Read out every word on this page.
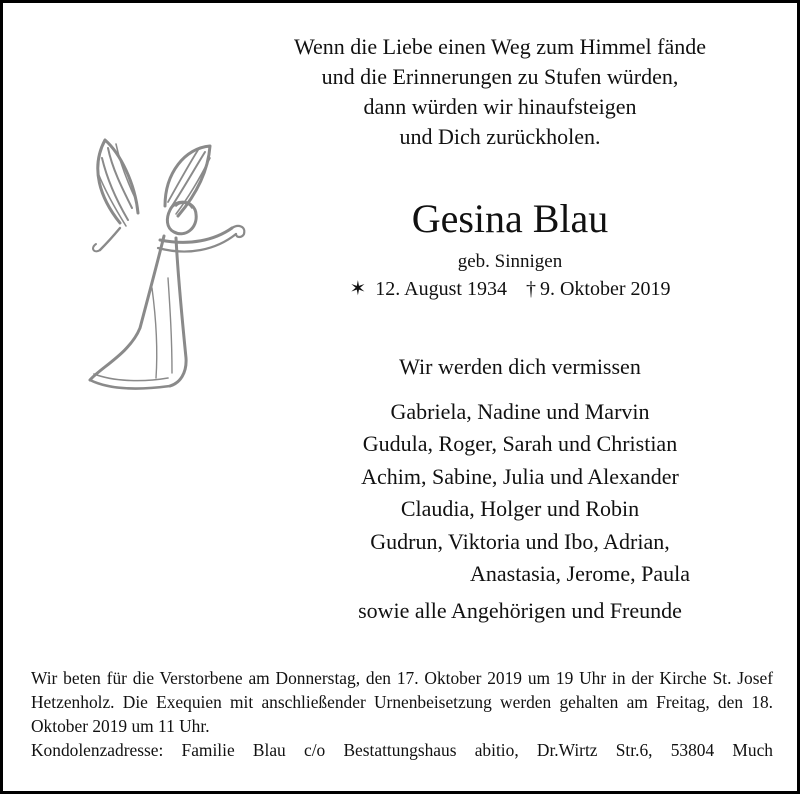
Wenn die Liebe einen Weg zum Himmel fände
und die Erinnerungen zu Stufen würden,
dann würden wir hinaufsteigen
und Dich zurückholen.
Gesina Blau
geb. Sinnigen
✶ 12. August 1934 † 9. Oktober 2019
Wir werden dich vermissen
Gabriela, Nadine und Marvin
Gudula, Roger, Sarah und Christian
Achim, Sabine, Julia und Alexander
Claudia, Holger und Robin
Gudrun, Viktoria und Ibo, Adrian,
Anastasia, Jerome, Paula
sowie alle Angehörigen und Freunde
Wir beten für die Verstorbene am Donnerstag, den 17. Oktober 2019 um 19 Uhr in der Kirche St. Josef Hetzenholz. Die Exequien mit anschließender Urnenbeisetzung werden gehalten am Freitag, den 18. Oktober 2019 um 11 Uhr.
Kondolenzadresse: Familie Blau c/o Bestattungshaus abitio, Dr.Wirtz Str.6, 53804 Much
